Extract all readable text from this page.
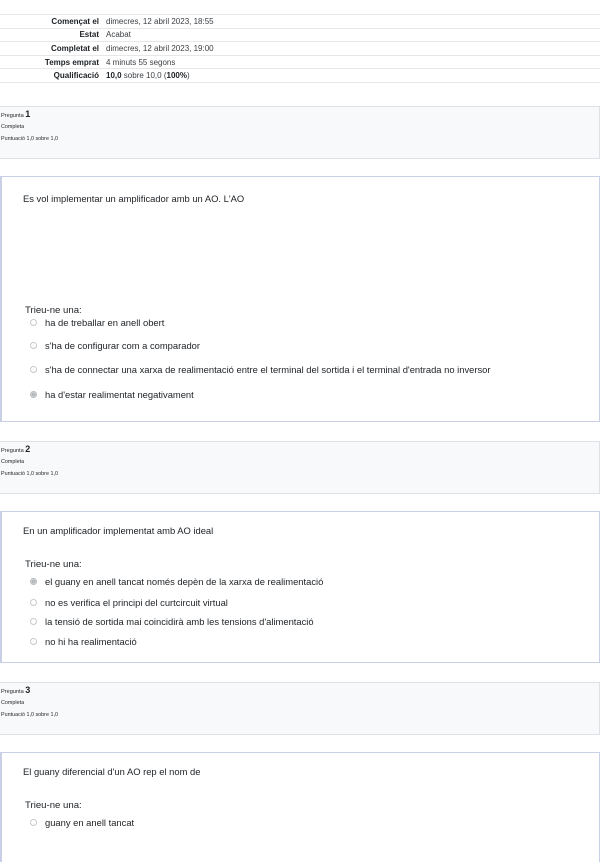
Començat el dimecres, 12 abril 2023, 18:55
Estat Acabat
Completat el dimecres, 12 abril 2023, 19:00
Temps emprat 4 minuts 55 segons
Qualificació 10,0 sobre 10,0 (100%)
Pregunta 1
Completa
Puntuació 1,0 sobre 1,0
Es vol implementar un amplificador amb un AO. L'AO
Trieu-ne una:
ha de treballar en anell obert
s'ha de configurar com a comparador
s'ha de connectar una xarxa de realimentació entre el terminal del sortida i el terminal d'entrada no inversor
ha d'estar realimentat negativament
Pregunta 2
Completa
Puntuació 1,0 sobre 1,0
En un amplificador implementat amb AO ideal
Trieu-ne una:
el guany en anell tancat només depèn de la xarxa de realimentació
no es verifica el principi del curtcircuit virtual
la tensió de sortida mai coincidirà amb les tensions d'alimentació
no hi ha realimentació
Pregunta 3
Completa
Puntuació 1,0 sobre 1,0
El guany diferencial d'un AO rep el nom de
Trieu-ne una:
guany en anell tancat
